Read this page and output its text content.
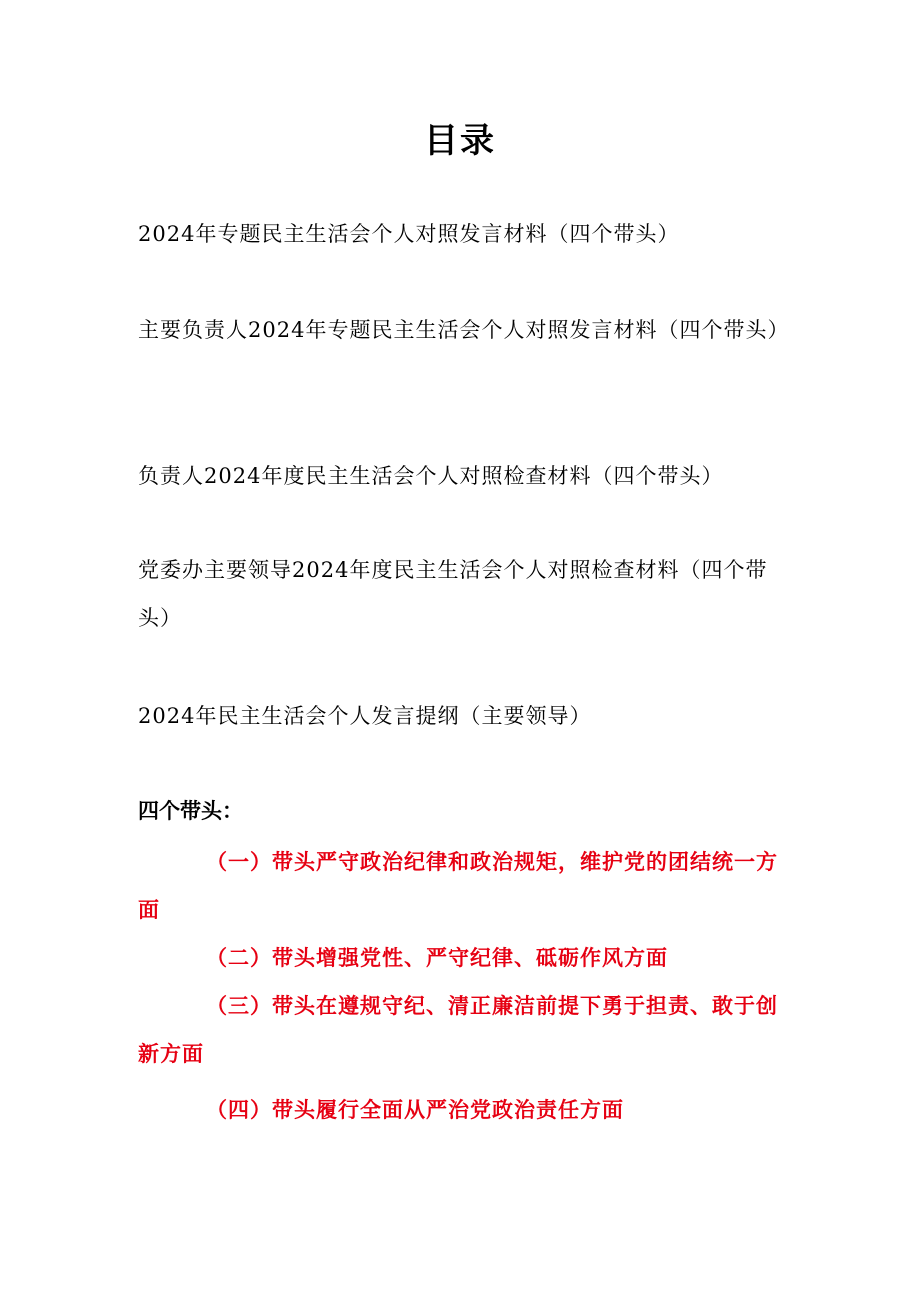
目录
2024年专题民主生活会个人对照发言材料（四个带头）
主要负责人2024年专题民主生活会个人对照发言材料（四个带头）
负责人2024年度民主生活会个人对照检查材料（四个带头）
党委办主要领导2024年度民主生活会个人对照检查材料（四个带头）
2024年民主生活会个人发言提纲（主要领导）
四个带头：
（一）带头严守政治纪律和政治规矩，维护党的团结统一方面
（二）带头增强党性、严守纪律、砥砺作风方面
（三）带头在遵规守纪、清正廉洁前提下勇于担责、敢于创新方面
（四）带头履行全面从严治党政治责任方面
